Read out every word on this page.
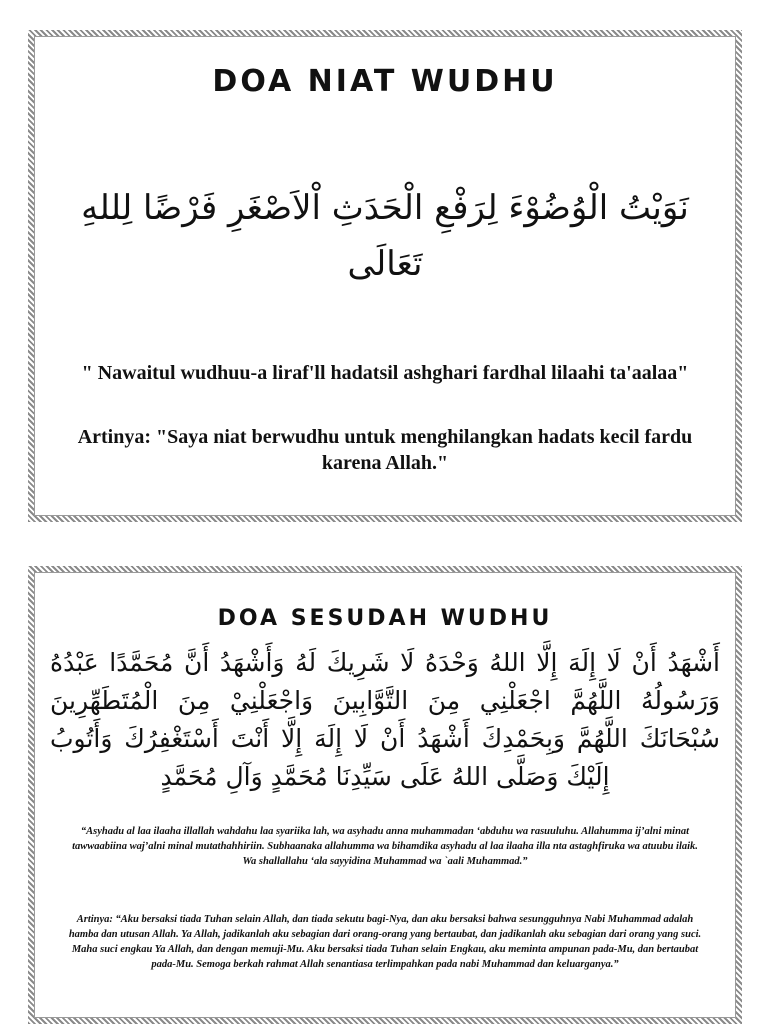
DOA NIAT WUDHU
نَوَيْتُ الْوُضُوْءَ لِرَفْعِ الْحَدَثِ اْلاَصْغَرِ فَرْضًا لِللهِ تَعَالَى
" Nawaitul wudhuu-a liraf'll hadatsil ashghari fardhal lilaahi ta'aalaa"
Artinya: "Saya niat berwudhu untuk menghilangkan hadats kecil fardu karena Allah."
DOA SESUDAH WUDHU
أَشْهَدُ أَنْ لَا إِلَهَ إِلَّا اللهُ وَحْدَهُ لَا شَرِيكَ لَهُ وَأَشْهَدُ أَنَّ مُحَمَّدًا عَبْدُهُ وَرَسُولُهُ اللَّهُمَّ اجْعَلْنِي مِنَ التَّوَّابِينَ وَاجْعَلْنِيْ مِنَ الْمُتَطَهِّرِينَ سُبْحَانَكَ اللَّهُمَّ وَبِحَمْدِكَ أَشْهَدُ أَنْ لَا إِلَهَ إِلَّا أَنْتَ أَسْتَغْفِرُكَ وَأَتُوبُ إِلَيْكَ وَصَلَّى اللهُ عَلَى سَيِّدِنَا مُحَمَّدٍ وَآلِ مُحَمَّدٍ
“Asyhadu al laa ilaaha illallah wahdahu laa syariika lah, wa asyhadu anna muhammadan ‘abduhu wa rasuuluhu. Allahumma ij’alni minat tawwaabiina waj’alni minal mutathahhiriin. Subhaanaka allahumma wa bihamdika asyhadu al laa ilaaha illa nta astaghfiruka wa atuubu ilaik. Wa shallallahu ‘ala sayyidina Muhammad wa `aali Muhammad.”
Artinya: “Aku bersaksi tiada Tuhan selain Allah, dan tiada sekutu bagi-Nya, dan aku bersaksi bahwa sesungguhnya Nabi Muhammad adalah hamba dan utusan Allah. Ya Allah, jadikanlah aku sebagian dari orang-orang yang bertaubat, dan jadikanlah aku sebagian dari orang yang suci. Maha suci engkau Ya Allah, dan dengan memuji-Mu. Aku bersaksi tiada Tuhan selain Engkau, aku meminta ampunan pada-Mu, dan bertaubat pada-Mu. Semoga berkah rahmat Allah senantiasa terlimpahkan pada nabi Muhammad dan keluarganya.”
